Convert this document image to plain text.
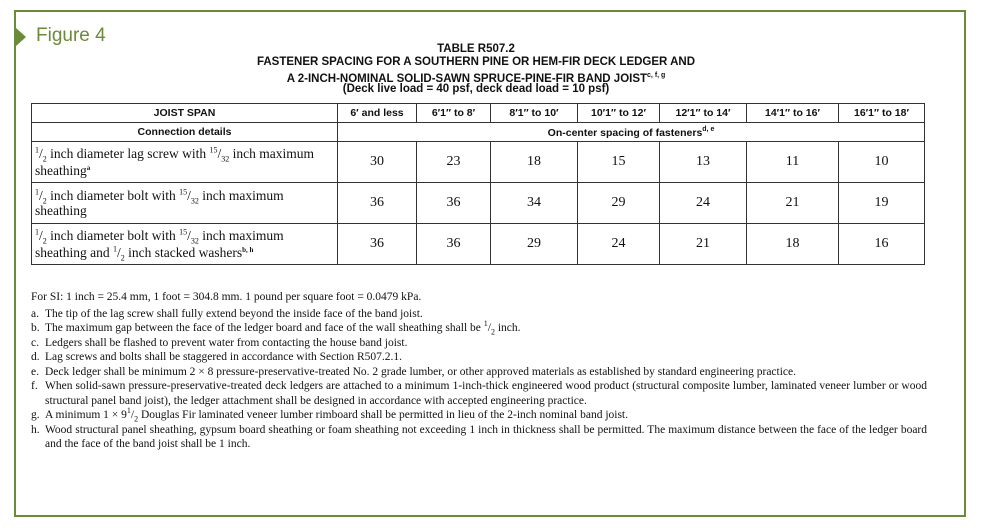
Figure 4
TABLE R507.2
FASTENER SPACING FOR A SOUTHERN PINE OR HEM-FIR DECK LEDGER AND
A 2-INCH-NOMINAL SOLID-SAWN SPRUCE-PINE-FIR BAND JOIST$^{c, f, g}$
(Deck live load = 40 psf, deck dead load = 10 psf)
JOIST SPAN	6′ and less	6′1″ to 8′	8′1″ to 10′	10′1″ to 12′	12′1″ to 14′	14′1″ to 16′	16′1″ to 18′
Connection details	On-center spacing of fasteners$^{d, e}$
$^1/_2$ inch diameter lag screw with $^{15}/_{32}$ inch maximum sheathing$^a$	30	23	18	15	13	11	10
$^1/_2$ inch diameter bolt with $^{15}/_{32}$ inch maximum sheathing	36	36	34	29	24	21	19
$^1/_2$ inch diameter bolt with $^{15}/_{32}$ inch maximum sheathing and $^1/_2$ inch stacked washers$^{b, h}$	36	36	29	24	21	18	16
For SI: 1 inch = 25.4 mm, 1 foot = 304.8 mm. 1 pound per square foot = 0.0479 kPa.
a. The tip of the lag screw shall fully extend beyond the inside face of the band joist.
b. The maximum gap between the face of the ledger board and face of the wall sheathing shall be $^1/_2$ inch.
c. Ledgers shall be flashed to prevent water from contacting the house band joist.
d. Lag screws and bolts shall be staggered in accordance with Section R507.2.1.
e. Deck ledger shall be minimum 2 × 8 pressure-preservative-treated No. 2 grade lumber, or other approved materials as established by standard engineering practice.
f. When solid-sawn pressure-preservative-treated deck ledgers are attached to a minimum 1-inch-thick engineered wood product (structural composite lumber, laminated veneer lumber or wood structural panel band joist), the ledger attachment shall be designed in accordance with accepted engineering practice.
g. A minimum $1 \times 9^1/_2$ Douglas Fir laminated veneer lumber rimboard shall be permitted in lieu of the 2-inch nominal band joist.
h. Wood structural panel sheathing, gypsum board sheathing or foam sheathing not exceeding 1 inch in thickness shall be permitted. The maximum distance between the face of the ledger board and the face of the band joist shall be 1 inch.
